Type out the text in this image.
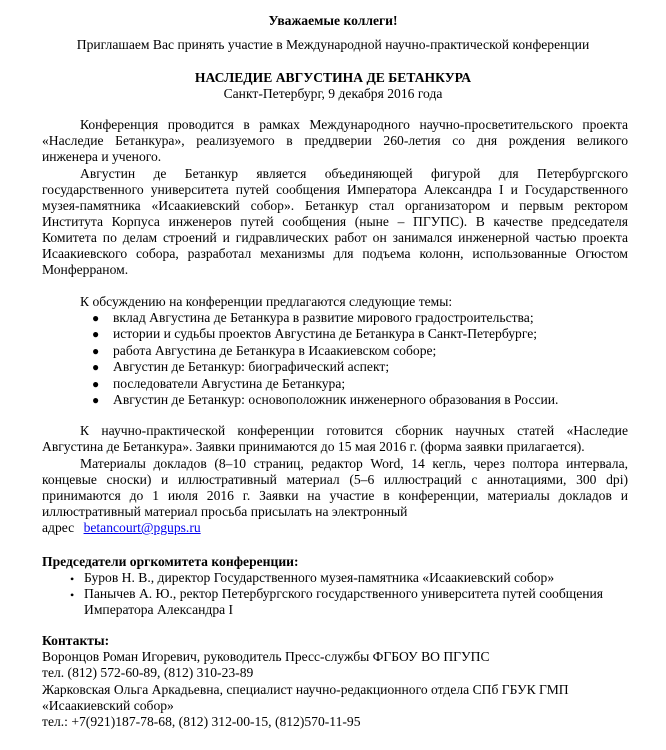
Уважаемые коллеги!
Приглашаем Вас принять участие в Международной научно-практической конференции
НАСЛЕДИЕ АВГУСТИНА ДЕ БЕТАНКУРА
Санкт-Петербург, 9 декабря 2016 года
Конференция проводится в рамках Международного научно-просветительского проекта
«Наследие Бетанкура», реализуемого в преддверии 260-летия со дня рождения великого
инженера и ученого.
Августин де Бетанкур является объединяющей фигурой для Петербургского
государственного университета путей сообщения Императора Александра I и Государственного
музея-памятника «Исаакиевский собор». Бетанкур стал организатором и первым ректором
Института Корпуса инженеров путей сообщения (ныне – ПГУПС). В качестве председателя
Комитета по делам строений и гидравлических работ он занимался инженерной частью проекта
Исаакиевского собора, разработал механизмы для подъема колонн, использованные Огюстом
Монферраном.
К обсуждению на конференции предлагаются следующие темы:
● вклад Августина де Бетанкура в развитие мирового градостроительства;
● истории и судьбы проектов Августина де Бетанкура в Санкт-Петербурге;
● работа Августина де Бетанкура в Исаакиевском соборе;
● Августин де Бетанкур: биографический аспект;
● последователи Августина де Бетанкура;
● Августин де Бетанкур: основоположник инженерного образования в России.
К научно-практической конференции готовится сборник научных статей «Наследие
Августина де Бетанкура». Заявки принимаются до 15 мая 2016 г. (форма заявки прилагается).
Материалы докладов (8–10 страниц, редактор Word, 14 кегль, через полтора интервала,
концевые сноски) и иллюстративный материал (5–6 иллюстраций с аннотациями, 300 dpi)
принимаются до 1 июля 2016 г. Заявки на участие в конференции, материалы докладов и
иллюстративный материал просьба присылать на электронный
адрес betancourt@pgups.ru
Председатели оргкомитета конференции:
• Буров Н. В., директор Государственного музея-памятника «Исаакиевский собор»
• Панычев А. Ю., ректор Петербургского государственного университета путей сообщения
Императора Александра I
Контакты:
Воронцов Роман Игоревич, руководитель Пресс-службы ФГБОУ ВО ПГУПС
тел. (812) 572-60-89, (812) 310-23-89
Жарковская Ольга Аркадьевна, специалист научно-редакционного отдела СПб ГБУК ГМП
«Исаакиевский собор»
тел.: +7(921)187-78-68, (812) 312-00-15, (812)570-11-95
